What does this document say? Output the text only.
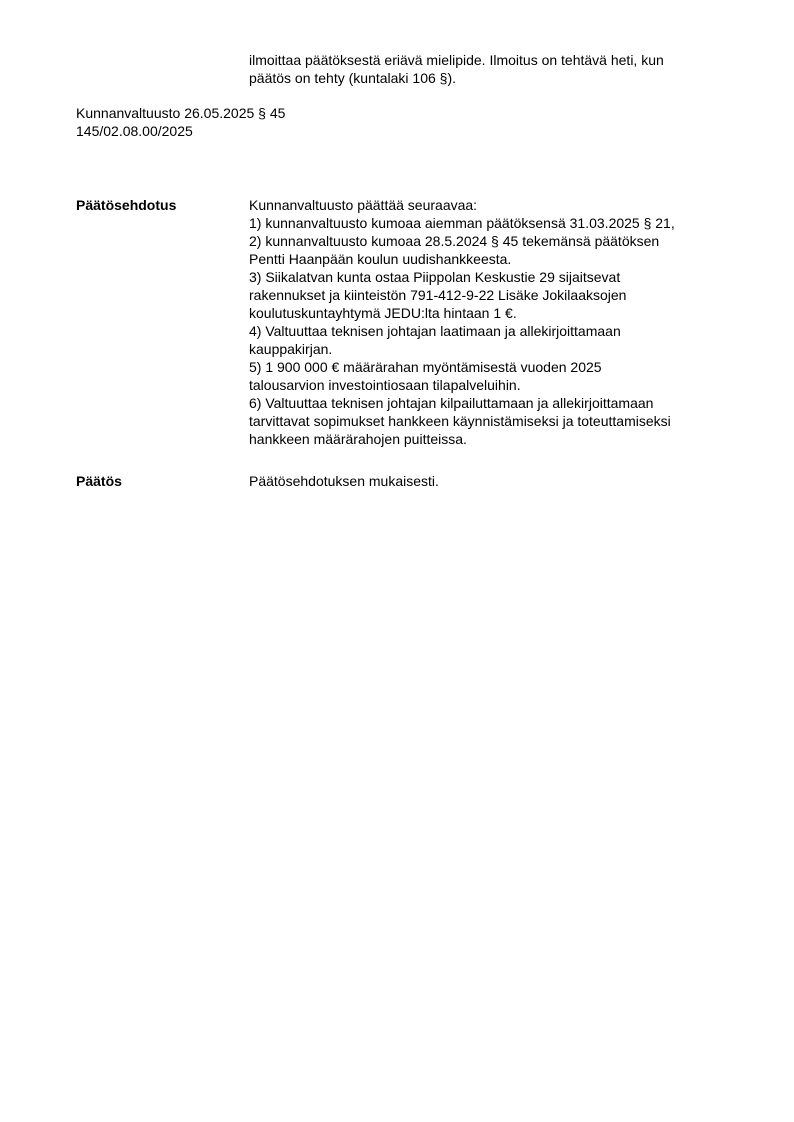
ilmoittaa päätöksestä eriävä mielipide. Ilmoitus on tehtävä heti, kun
päätös on tehty (kuntalaki 106 §).
Kunnanvaltuusto 26.05.2025 § 45
145/02.08.00/2025
Päätösehdotus	Kunnanvaltuusto päättää seuraavaa:
1) kunnanvaltuusto kumoaa aiemman päätöksensä 31.03.2025 § 21,
2) kunnanvaltuusto kumoaa 28.5.2024 § 45 tekemänsä päätöksen
Pentti Haanpään koulun uudishankkeesta.
3) Siikalatvan kunta ostaa Piippolan Keskustie 29 sijaitsevat
rakennukset ja kiinteistön 791-412-9-22 Lisäke Jokilaaksojen
koulutuskuntayhtymä JEDU:lta hintaan 1 €.
4) Valtuuttaa teknisen johtajan laatimaan ja allekirjoittamaan
kauppakirjan.
5) 1 900 000 € määrärahan myöntämisestä vuoden 2025
talousarvion investointiosaan tilapalveluihin.
6) Valtuuttaa teknisen johtajan kilpailuttamaan ja allekirjoittamaan
tarvittavat sopimukset hankkeen käynnistämiseksi ja toteuttamiseksi
hankkeen määrärahojen puitteissa.
Päätös	Päätösehdotuksen mukaisesti.
